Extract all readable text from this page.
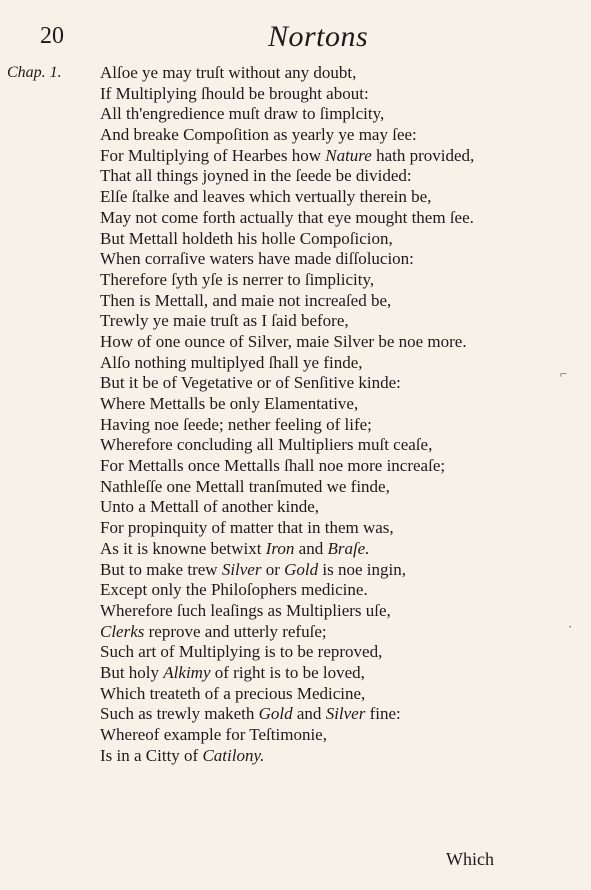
20	Nortons
Chap. 1. Alſoe ye may truſt without any doubt,
If Multiplying ſhould be brought about:
All th'engredience muſt draw to ſimplcity,
And breake Compoſition as yearly ye may ſee:
For Multiplying of Hearbes how Nature hath provided,
That all things joyned in the ſeede be divided:
Elſe ſtalke and leaves which vertually therein be,
May not come forth actually that eye mought them ſee.
But Mettall holdeth his holle Compoſicion,
When corraſive waters have made diſſolucion:
Therefore ſyth yſe is nerrer to ſimplicity,
Then is Mettall, and maie not increaſed be,
Trewly ye maie truſt as I ſaid before,
How of one ounce of Silver, maie Silver be noe more.
Alſo nothing multiplyed ſhall ye finde,
But it be of Vegetative or of Senſitive kinde:
Where Mettalls be only Elamentative,
Having noe ſeede; nether feeling of life;
Wherefore concluding all Multipliers muſt ceaſe,
For Mettalls once Mettalls ſhall noe more increaſe;
Nathleſſe one Mettall tranſmuted we finde,
Unto a Mettall of another kinde,
For propinquity of matter that in them was,
As it is knowne betwixt Iron and Braſe.
But to make trew Silver or Gold is noe ingin,
Except only the Philoſophers medicine.
Wherefore ſuch leaſings as Multipliers uſe,
Clerks reprove and utterly refuſe;
Such art of Multiplying is to be reproved,
But holy Alkimy of right is to be loved,
Which treateth of a precious Medicine,
Such as trewly maketh Gold and Silver fine:
Whereof example for Teſtimonie,
Is in a Citty of Catilony.
Which
⌐
·
